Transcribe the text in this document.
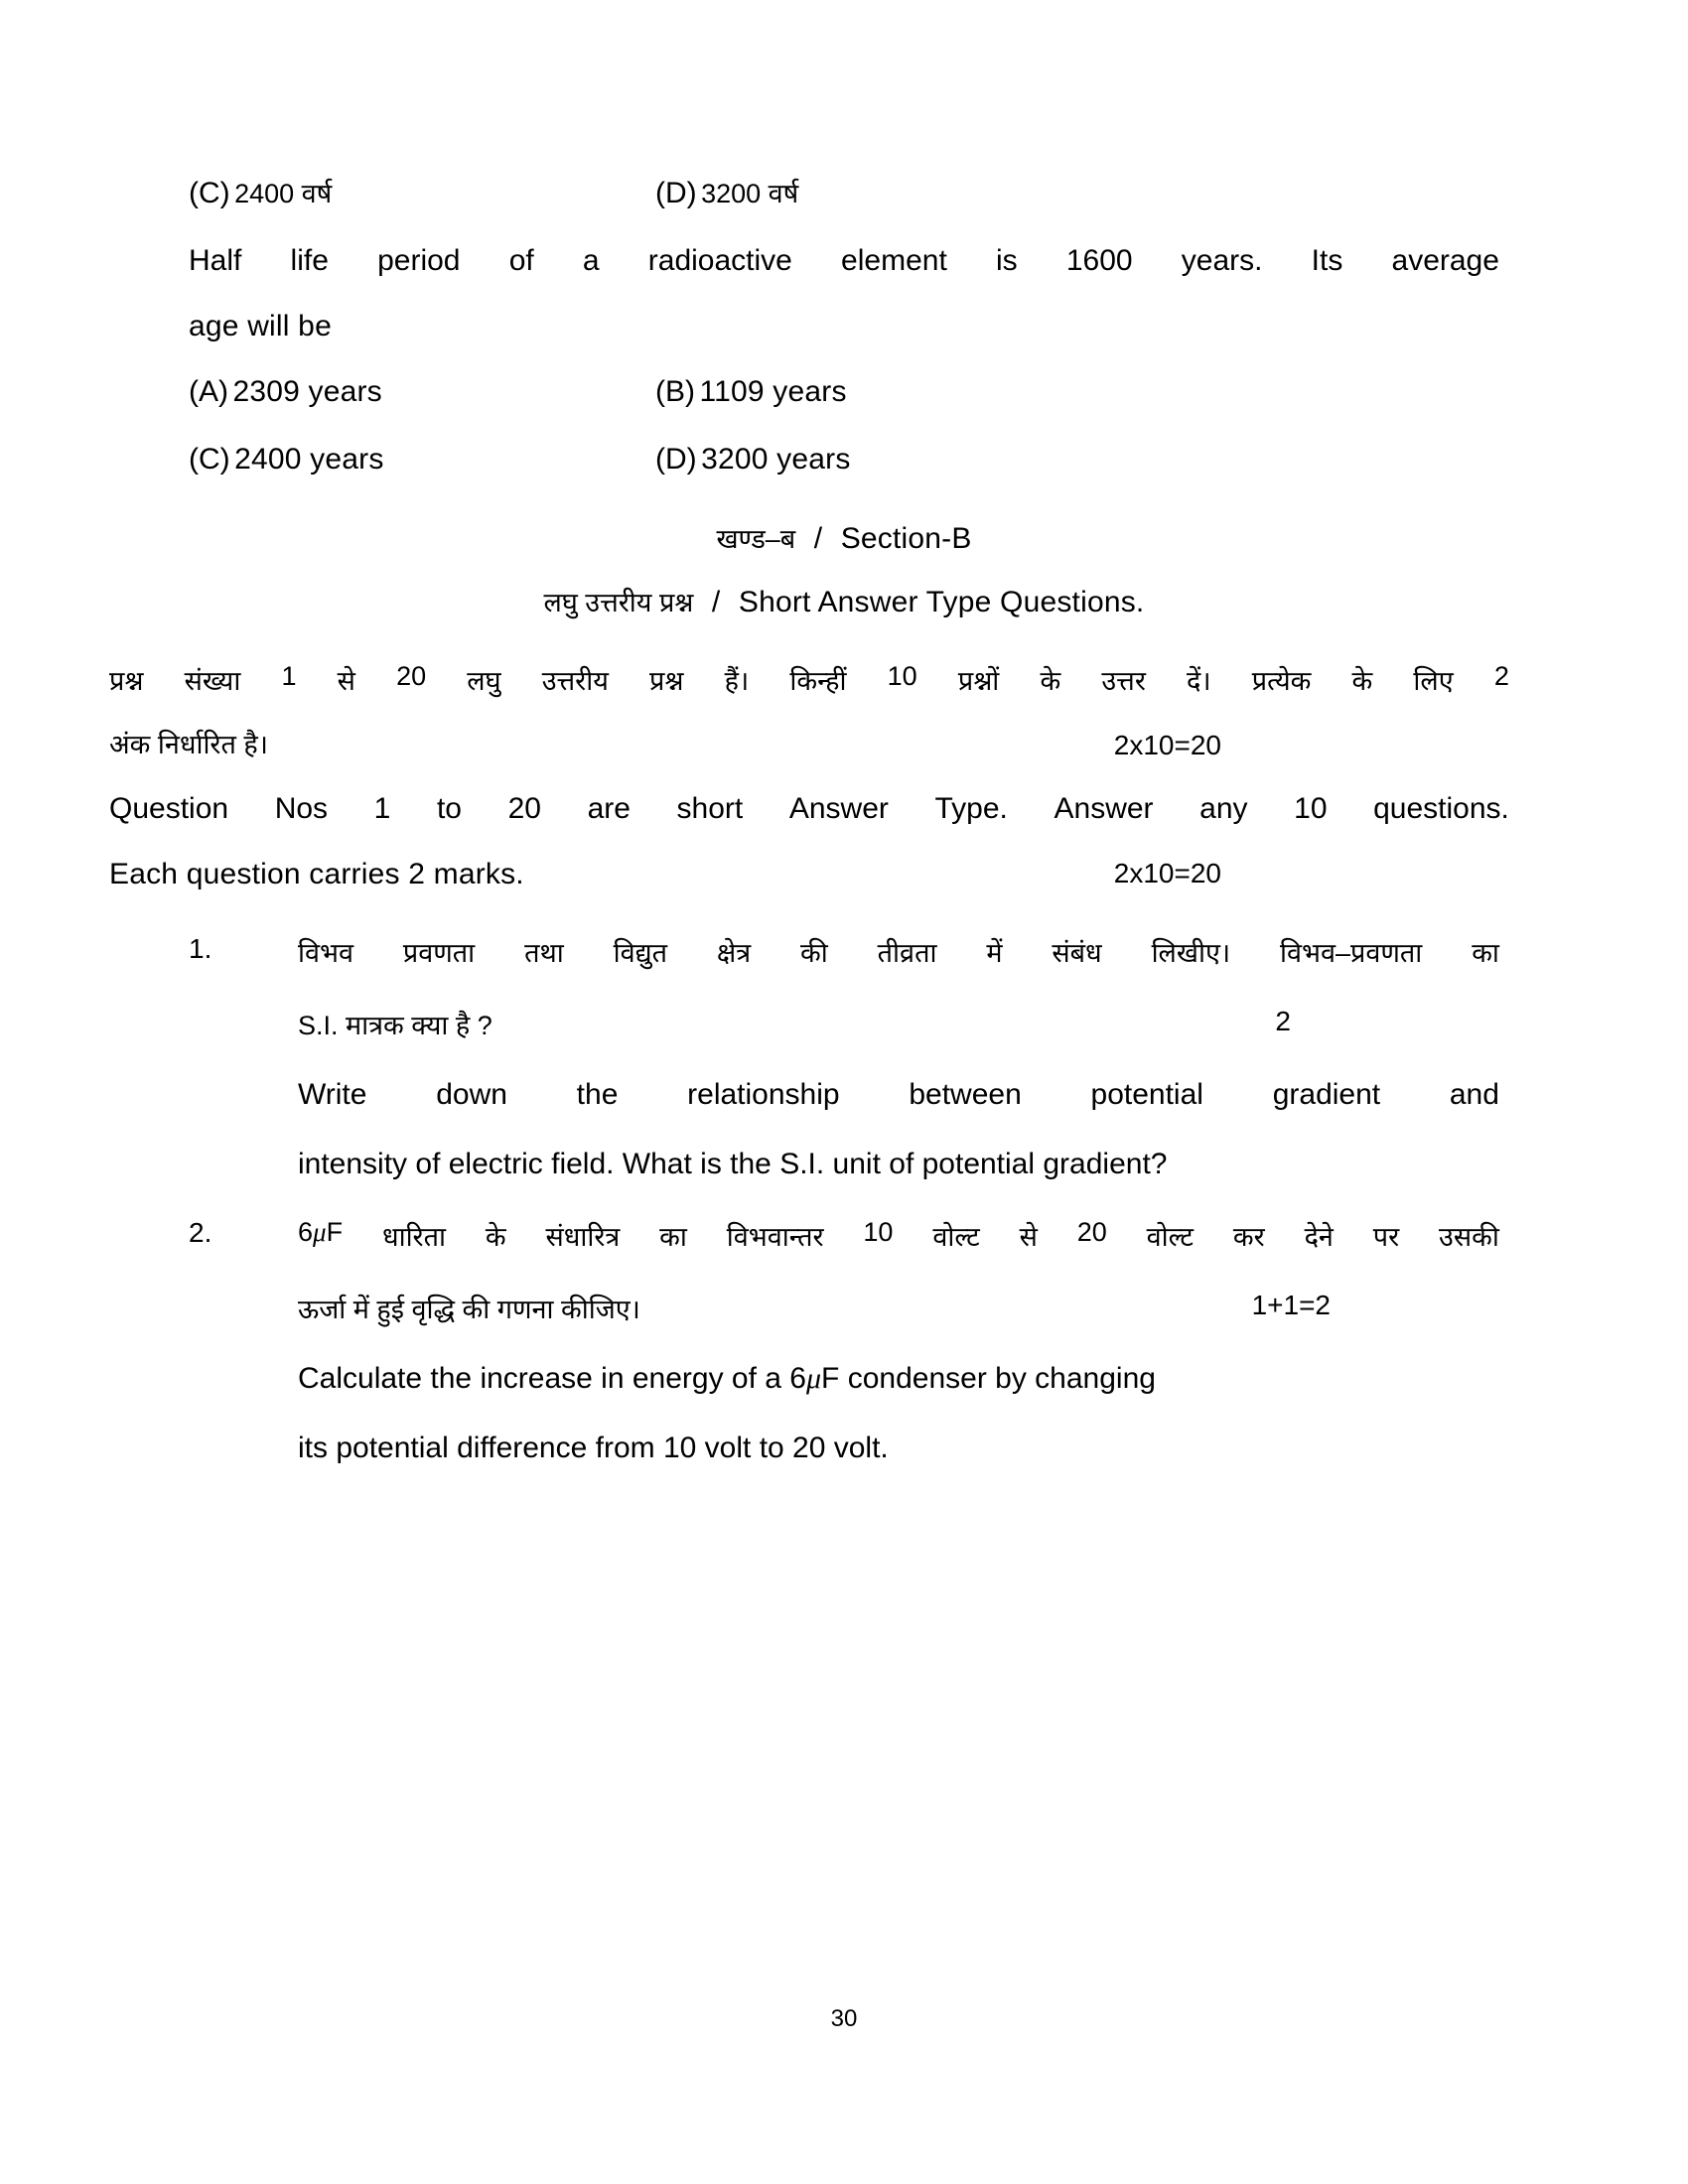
(C) 2400 वर्ष	(D) 3200 वर्ष
Half life period of a radioactive element is 1600 years. Its average
age will be
(A) 2309 years	(B) 1109 years
(C) 2400 years	(D) 3200 years
खण्ड–ब / Section-B
लघु उत्तरीय प्रश्न / Short Answer Type Questions.
प्रश्न संख्या 1 से 20 लघु उत्तरीय प्रश्न हैं। किन्हीं 10 प्रश्नों के उत्तर दें। प्रत्येक के लिए 2
अंक निर्धारित है।	2x10=20
Question Nos 1 to 20 are short Answer Type. Answer any 10 questions.
Each question carries 2 marks.	2x10=20
1.	विभव प्रवणता तथा विद्युत क्षेत्र की तीव्रता में संबंध लिखीए। विभव–प्रवणता का
S.I. मात्रक क्या है ?	2
Write down the relationship between potential gradient and
intensity of electric field. What is the S.I. unit of potential gradient?
2.	6μF धारिता के संधारित्र का विभवान्तर 10 वोल्ट से 20 वोल्ट कर देने पर उसकी
ऊर्जा में हुई वृद्धि की गणना कीजिए।	1+1=2
Calculate the increase in energy of a 6 μ F condenser by changing
its potential difference from 10 volt to 20 volt.
30
